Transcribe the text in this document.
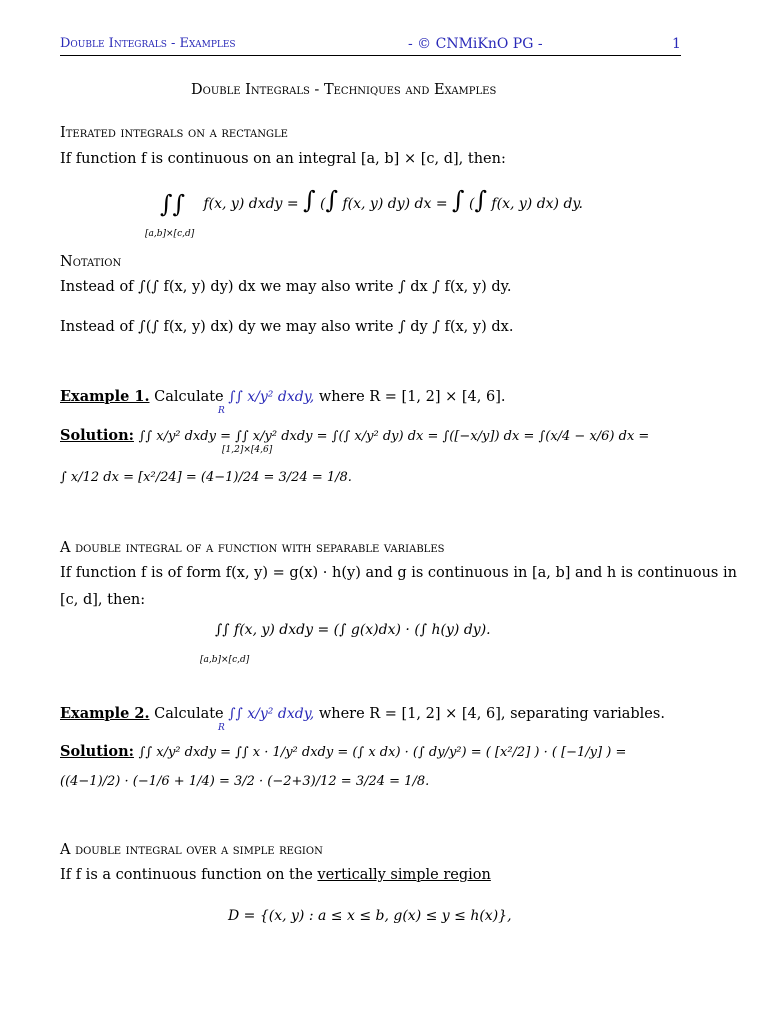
Double Integrals - Examples	- © CNMiKnO PG -	1
Double Integrals - Techniques and Examples
Iterated integrals on a rectangle
If function f is continuous on an integral [a, b] × [c, d], then:
∫∫ f(x, y) dxdy = ∫ (∫ f(x, y) dy) dx = ∫ (∫ f(x, y) dx) dy.
[a,b]×[c,d]
Notation
Instead of ∫(∫ f(x, y) dy) dx we may also write ∫ dx ∫ f(x, y) dy.
Instead of ∫(∫ f(x, y) dx) dy we may also write ∫ dy ∫ f(x, y) dx.
Example 1. Calculate ∫∫ x/y² dxdy, where R = [1, 2] × [4, 6].
R
Solution: ∫∫ x/y² dxdy = ∫∫ x/y² dxdy = ∫(∫ x/y² dy) dx = ∫([−x/y]) dx = ∫(x/4 − x/6) dx =
[1,2]×[4,6]
∫ x/12 dx = [x²/24] = (4−1)/24 = 3/24 = 1/8.
A double integral of a function with separable variables
If function f is of form f(x, y) = g(x) · h(y) and g is continuous in [a, b] and h is continuous in
[c, d], then:
∫∫ f(x, y) dxdy = (∫ g(x)dx) · (∫ h(y) dy).
[a,b]×[c,d]
Example 2. Calculate ∫∫ x/y² dxdy, where R = [1, 2] × [4, 6], separating variables.
R
Solution: ∫∫ x/y² dxdy = ∫∫ x · 1/y² dxdy = (∫ x dx) · (∫ dy/y²) = ( [x²/2] ) · ( [−1/y] ) =
((4−1)/2) · (−1/6 + 1/4) = 3/2 · (−2+3)/12 = 3/24 = 1/8.
A double integral over a simple region
If f is a continuous function on the vertically simple region
D = {(x, y) : a ≤ x ≤ b, g(x) ≤ y ≤ h(x)},
